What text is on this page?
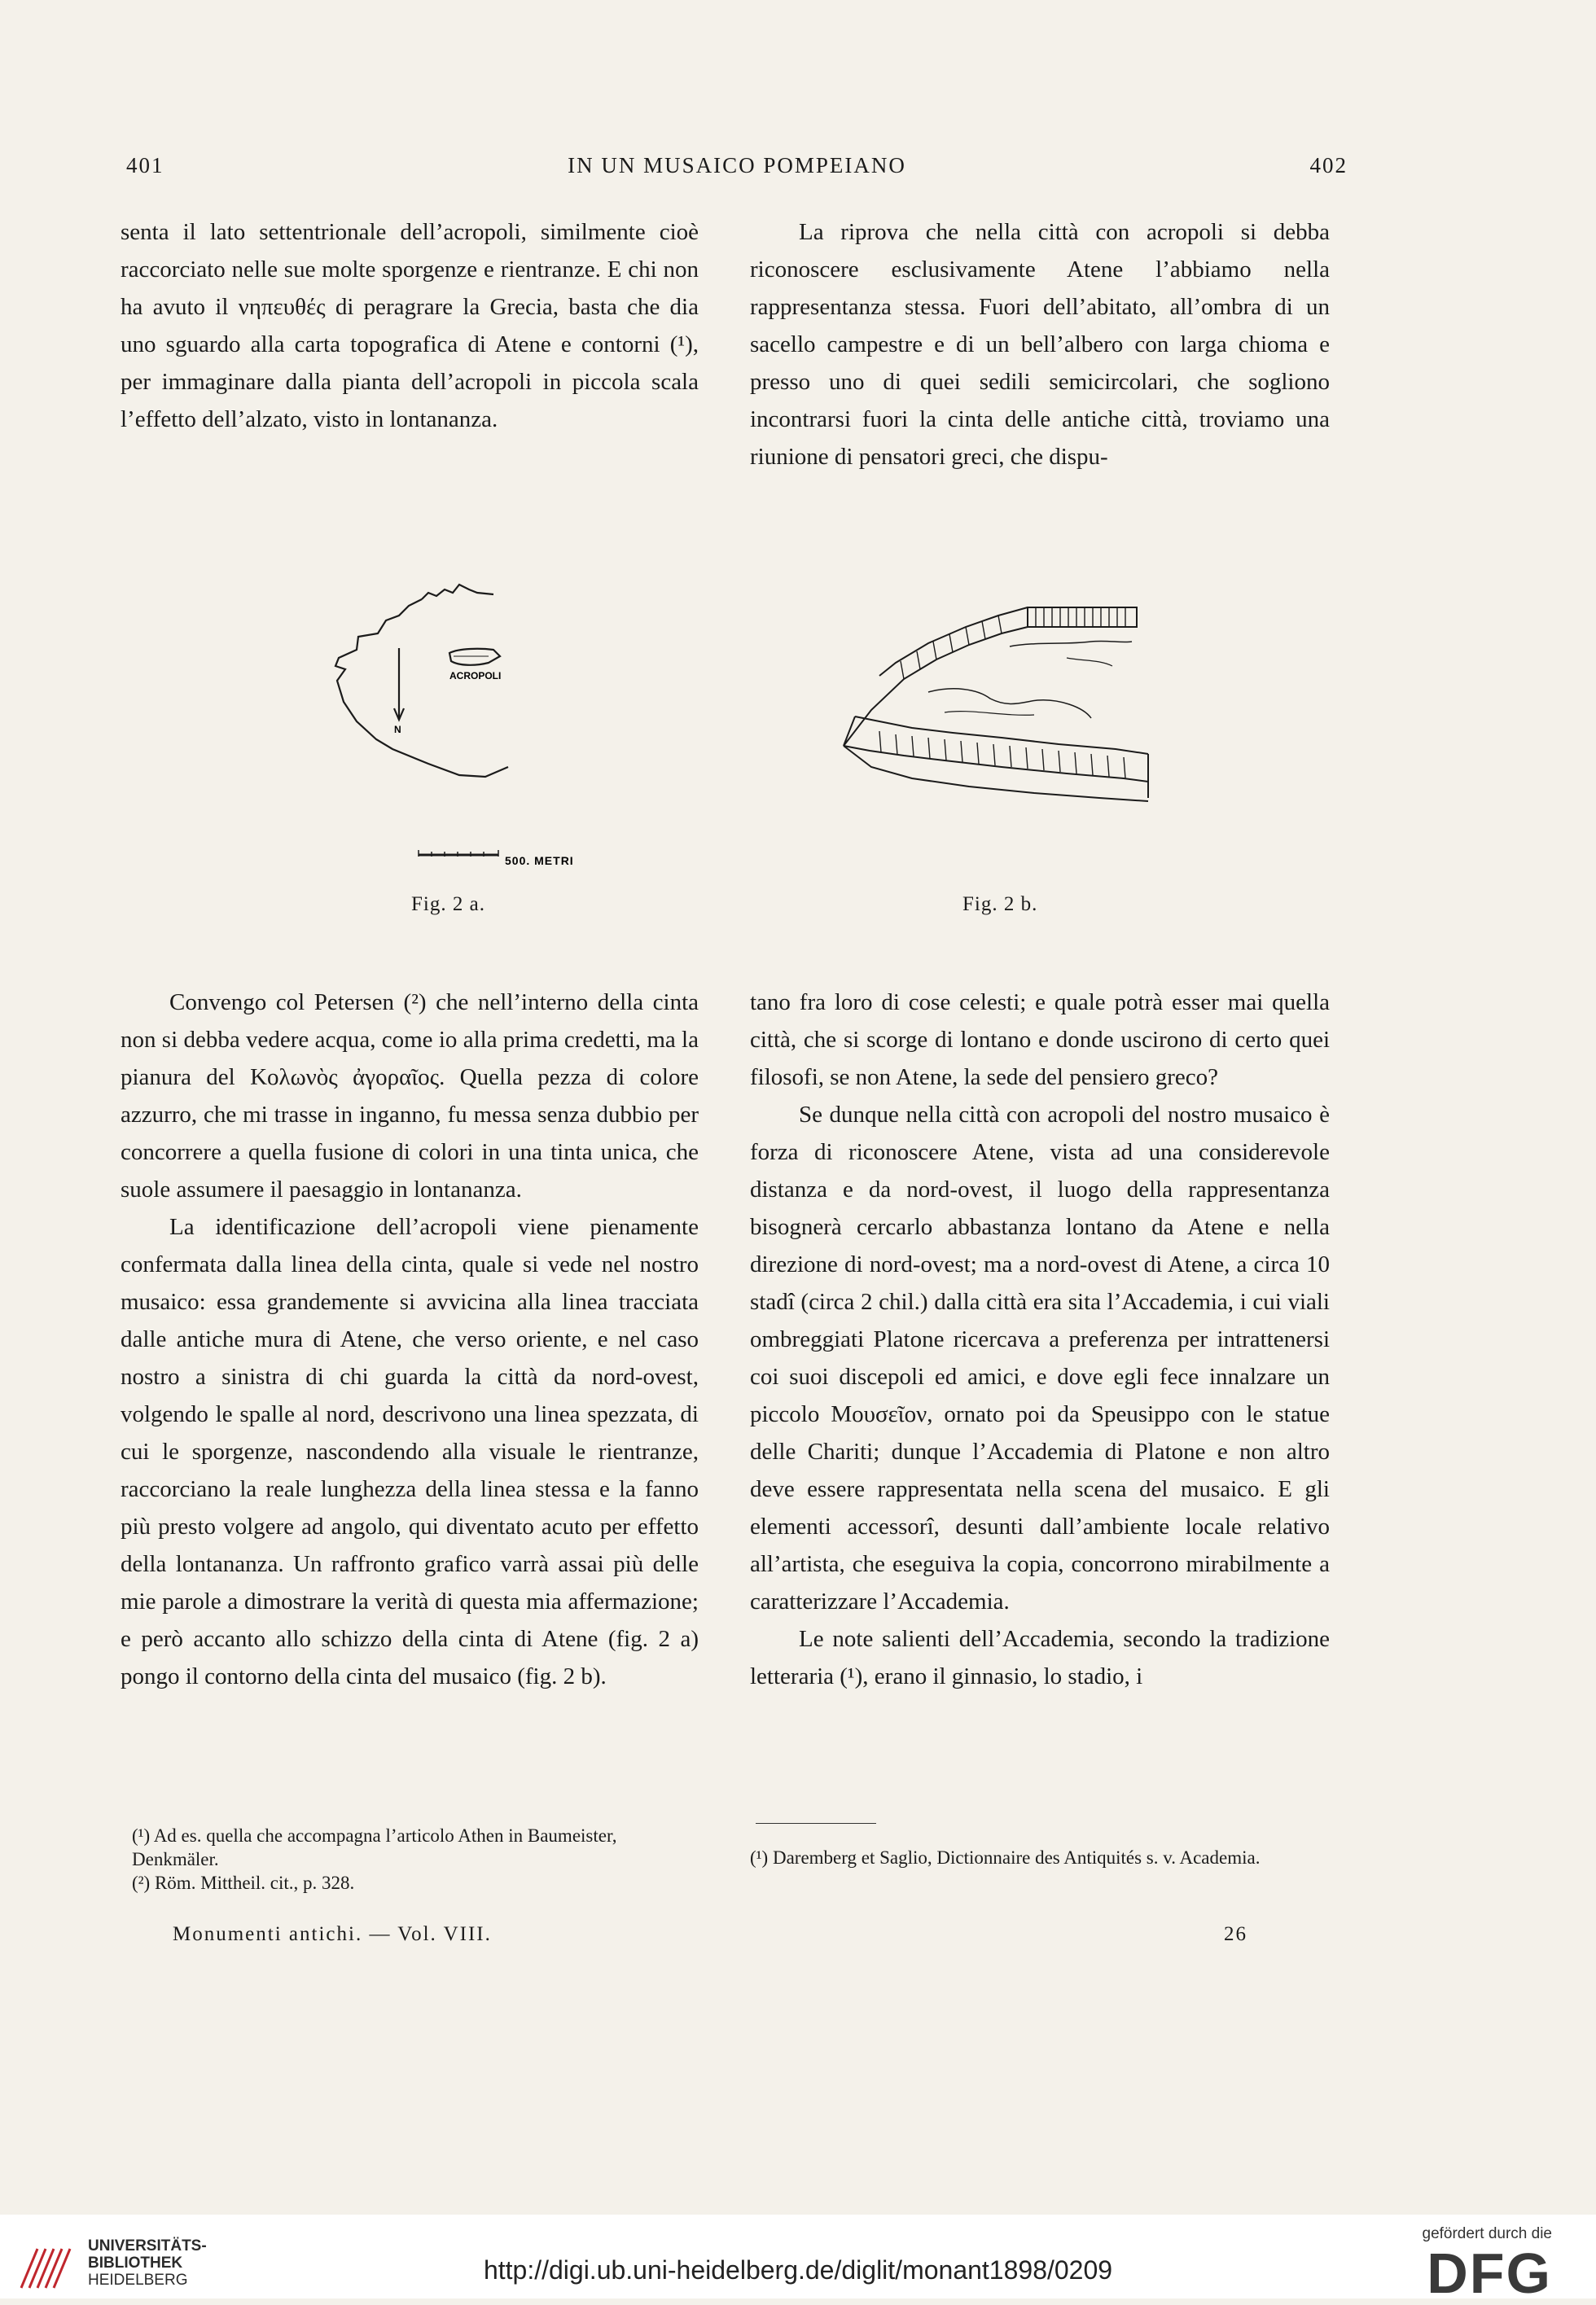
401	IN UN MUSAICO POMPEIANO	402

senta il lato settentrionale dell’acropoli, similmente cioè raccorciato nelle sue molte sporgenze e rientranze. E chi non ha avuto il νηπευθές di peragrare la Grecia, basta che dia uno sguardo alla carta topografica di Atene e contorni (¹), per immaginare dalla pianta dell’acropoli in piccola scala l’effetto dell’alzato, visto in lontananza.

La riprova che nella città con acropoli si debba riconoscere esclusivamente Atene l’abbiamo nella rappresentanza stessa. Fuori dell’abitato, all’ombra di un sacello campestre e di un bell’albero con larga chioma e presso uno di quei sedili semicircolari, che sogliono incontrarsi fuori la cinta delle antiche città, troviamo una riunione di pensatori greci, che dispu-

ACROPOLI
N
500. METRI
Fig. 2 a.	Fig. 2 b.

Convengo col Petersen (²) che nell’interno della cinta non si debba vedere acqua, come io alla prima credetti, ma la pianura del Κολωνὸς ἀγοραῖος. Quella pezza di colore azzurro, che mi trasse in inganno, fu messa senza dubbio per concorrere a quella fusione di colori in una tinta unica, che suole assumere il paesaggio in lontananza.

La identificazione dell’acropoli viene pienamente confermata dalla linea della cinta, quale si vede nel nostro musaico: essa grandemente si avvicina alla linea tracciata dalle antiche mura di Atene, che verso oriente, e nel caso nostro a sinistra di chi guarda la città da nord-ovest, volgendo le spalle al nord, descrivono una linea spezzata, di cui le sporgenze, nascondendo alla visuale le rientranze, raccorciano la reale lunghezza della linea stessa e la fanno più presto volgere ad angolo, qui diventato acuto per effetto della lontananza. Un raffronto grafico varrà assai più delle mie parole a dimostrare la verità di questa mia affermazione; e però accanto allo schizzo della cinta di Atene (fig. 2 a) pongo il contorno della cinta del musaico (fig. 2 b).

tano fra loro di cose celesti; e quale potrà esser mai quella città, che si scorge di lontano e donde uscirono di certo quei filosofi, se non Atene, la sede del pensiero greco?

Se dunque nella città con acropoli del nostro musaico è forza di riconoscere Atene, vista ad una considerevole distanza e da nord-ovest, il luogo della rappresentanza bisognerà cercarlo abbastanza lontano da Atene e nella direzione di nord-ovest; ma a nord-ovest di Atene, a circa 10 stadî (circa 2 chil.) dalla città era sita l’Accademia, i cui viali ombreggiati Platone ricercava a preferenza per intrattenersi coi suoi discepoli ed amici, e dove egli fece innalzare un piccolo Μουσεῖον, ornato poi da Speusippo con le statue delle Chariti; dunque l’Accademia di Platone e non altro deve essere rappresentata nella scena del musaico. E gli elementi accessorî, desunti dall’ambiente locale relativo all’artista, che eseguiva la copia, concorrono mirabilmente a caratterizzare l’Accademia.

Le note salienti dell’Accademia, secondo la tradizione letteraria (¹), erano il ginnasio, lo stadio, i

(¹) Ad es. quella che accompagna l’articolo Athen in Baumeister, Denkmäler.

(²) Röm. Mittheil. cit., p. 328.

(¹) Daremberg et Saglio, Dictionnaire des Antiquités s. v. Academia.

Monumenti antichi. — Vol. VIII.	26
UNIVERSITÄTS-
BIBLIOTHEK
HEIDELBERG	http://digi.ub.uni-heidelberg.de/diglit/monant1898/0209
gefördert durch die
DFG
